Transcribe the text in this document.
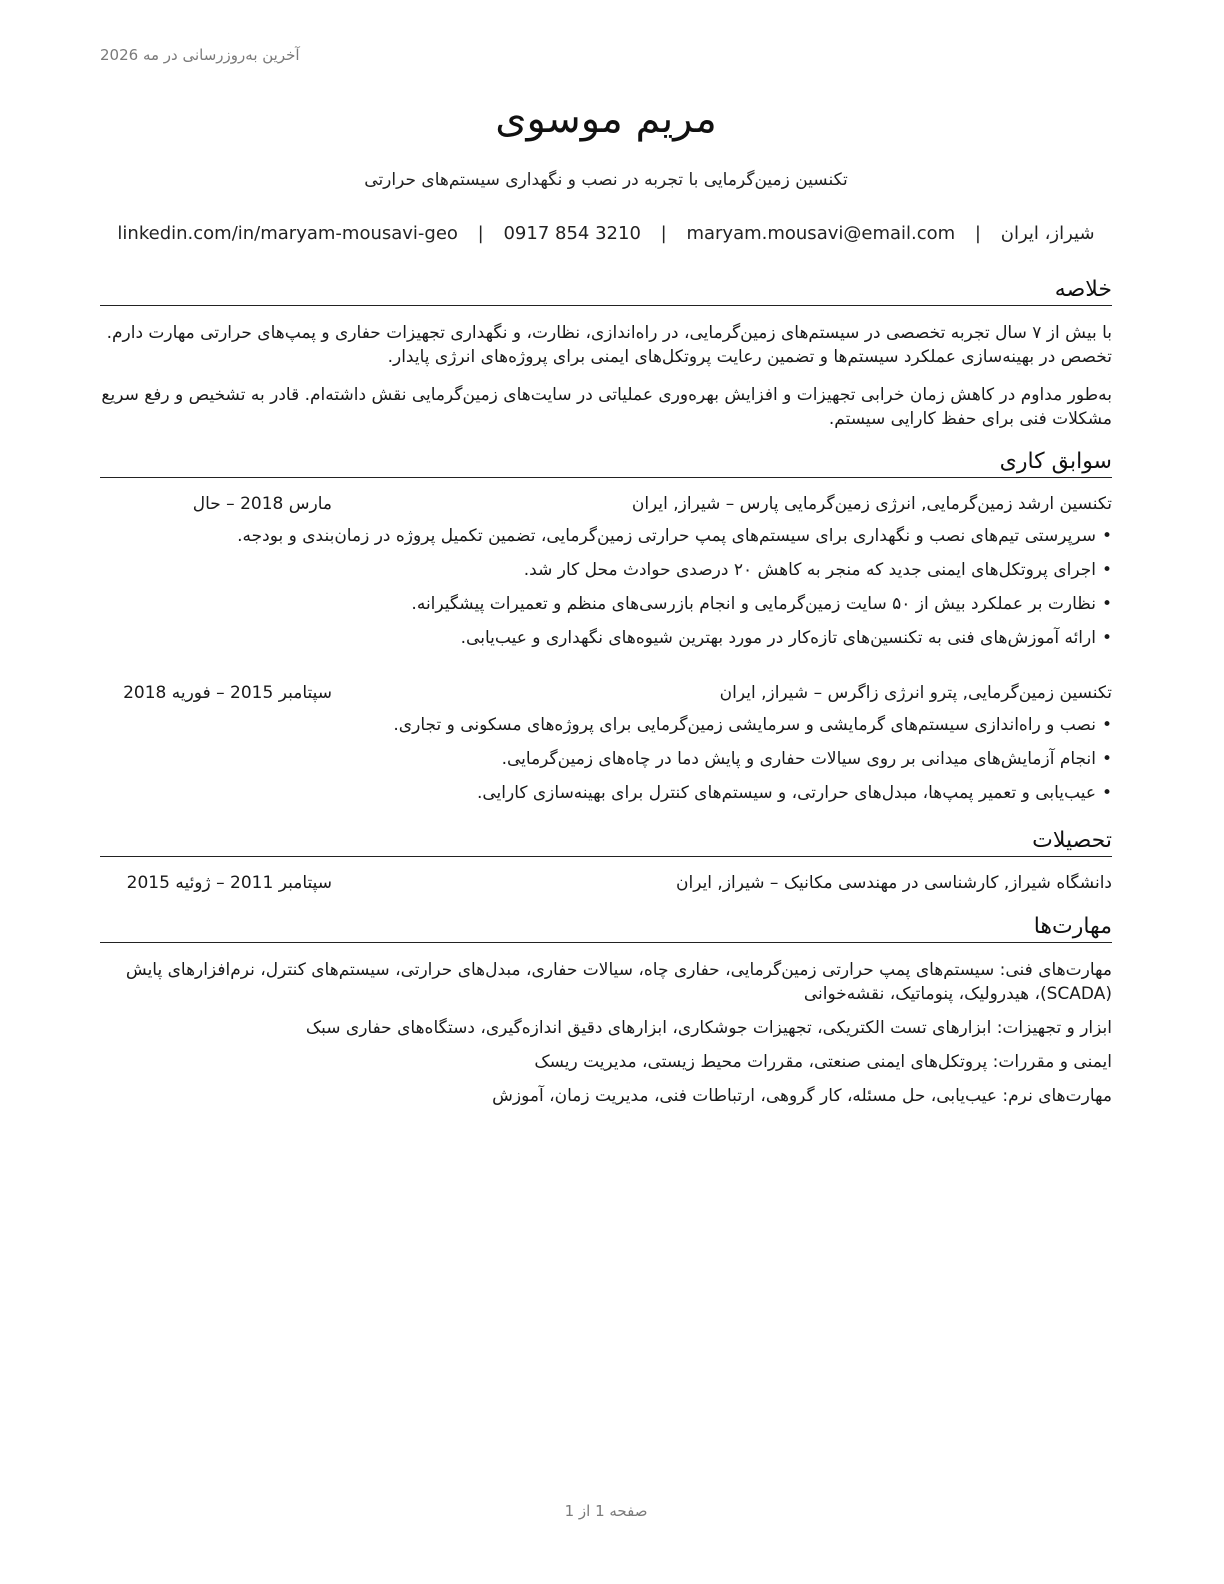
آخرین به‌روزرسانی در مه 2026
مریم موسوی
تکنسین زمین‌گرمایی با تجربه در نصب و نگهداری سیستم‌های حرارتی
شیراز، ایران | maryam.mousavi@email.com | 0917 854 3210 | linkedin.com/in/maryam-mousavi-geo
خلاصه
با بیش از ۷ سال تجربه تخصصی در سیستم‌های زمین‌گرمایی، در راه‌اندازی، نظارت، و نگهداری تجهیزات حفاری و پمپ‌های حرارتی مهارت دارم. تخصص در بهینه‌سازی عملکرد سیستم‌ها و تضمین رعایت پروتکل‌های ایمنی برای پروژه‌های انرژی پایدار.
به‌طور مداوم در کاهش زمان خرابی تجهیزات و افزایش بهره‌وری عملیاتی در سایت‌های زمین‌گرمایی نقش داشته‌ام. قادر به تشخیص و رفع سریع مشکلات فنی برای حفظ کارایی سیستم.
سوابق کاری
تکنسین ارشد زمین‌گرمایی, انرژی زمین‌گرمایی پارس – شیراز, ایران
مارس 2018 – حال
•سرپرستی تیم‌های نصب و نگهداری برای سیستم‌های پمپ حرارتی زمین‌گرمایی، تضمین تکمیل پروژه در زمان‌بندی و بودجه.
•اجرای پروتکل‌های ایمنی جدید که منجر به کاهش ۲۰ درصدی حوادث محل کار شد.
•نظارت بر عملکرد بیش از ۵۰ سایت زمین‌گرمایی و انجام بازرسی‌های منظم و تعمیرات پیشگیرانه.
•ارائه آموزش‌های فنی به تکنسین‌های تازه‌کار در مورد بهترین شیوه‌های نگهداری و عیب‌یابی.
تکنسین زمین‌گرمایی, پترو انرژی زاگرس – شیراز, ایران
سپتامبر 2015 – فوریه 2018
•نصب و راه‌اندازی سیستم‌های گرمایشی و سرمایشی زمین‌گرمایی برای پروژه‌های مسکونی و تجاری.
•انجام آزمایش‌های میدانی بر روی سیالات حفاری و پایش دما در چاه‌های زمین‌گرمایی.
•عیب‌یابی و تعمیر پمپ‌ها، مبدل‌های حرارتی، و سیستم‌های کنترل برای بهینه‌سازی کارایی.
تحصیلات
دانشگاه شیراز, کارشناسی در مهندسی مکانیک – شیراز, ایران
سپتامبر 2011 – ژوئیه 2015
مهارت‌ها
مهارت‌های فنی: سیستم‌های پمپ حرارتی زمین‌گرمایی، حفاری چاه، سیالات حفاری، مبدل‌های حرارتی، سیستم‌های کنترل، نرم‌افزارهای پایش (SCADA)، هیدرولیک، پنوماتیک، نقشه‌خوانی
ابزار و تجهیزات: ابزارهای تست الکتریکی، تجهیزات جوشکاری، ابزارهای دقیق اندازه‌گیری، دستگاه‌های حفاری سبک
ایمنی و مقررات: پروتکل‌های ایمنی صنعتی، مقررات محیط زیستی، مدیریت ریسک
مهارت‌های نرم: عیب‌یابی، حل مسئله، کار گروهی، ارتباطات فنی، مدیریت زمان، آموزش
صفحه 1 از 1
